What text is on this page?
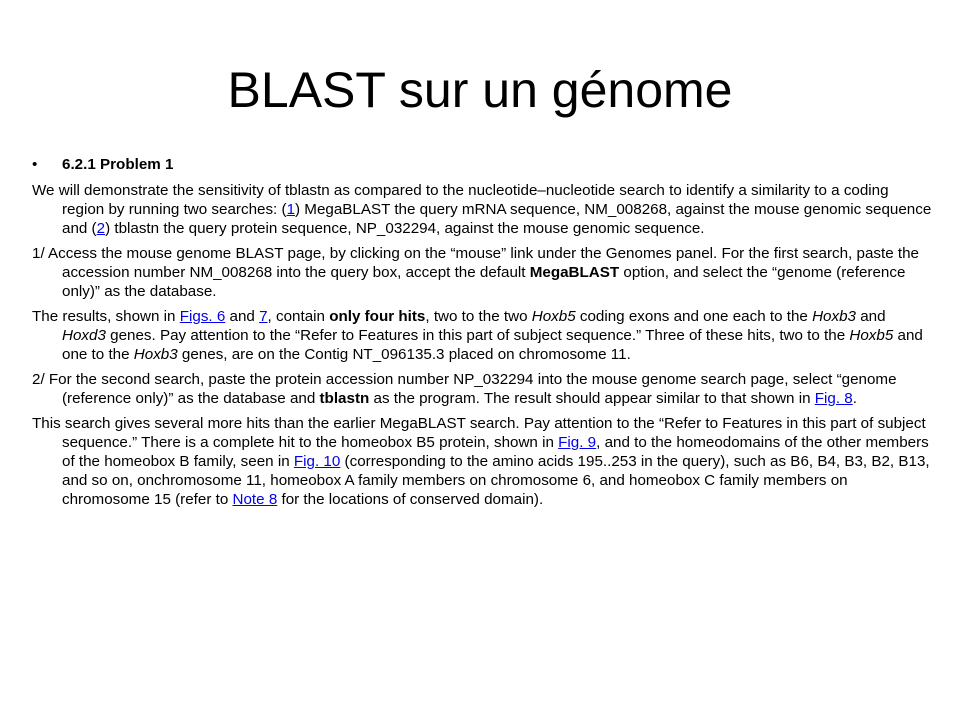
BLAST sur un génome
• 6.2.1 Problem 1

We will demonstrate the sensitivity of tblastn as compared to the nucleotide–nucleotide search to identify a similarity to a coding region by running two searches: (1) MegaBLAST the query mRNA sequence, NM_008268, against the mouse genomic sequence and (2) tblastn the query protein sequence, NP_032294, against the mouse genomic sequence.

1/ Access the mouse genome BLAST page, by clicking on the “mouse” link under the Genomes panel. For the first search, paste the accession number NM_008268 into the query box, accept the default MegaBLAST option, and select the “genome (reference only)” as the database.

The results, shown in Figs. 6 and 7, contain only four hits, two to the two Hoxb5 coding exons and one each to the Hoxb3 and Hoxd3 genes. Pay attention to the “Refer to Features in this part of subject sequence.” Three of these hits, two to the Hoxb5 and one to the Hoxb3 genes, are on the Contig NT_096135.3 placed on chromosome 11.

2/ For the second search, paste the protein accession number NP_032294 into the mouse genome search page, select “genome (reference only)” as the database and tblastn as the program. The result should appear similar to that shown in Fig. 8.

This search gives several more hits than the earlier MegaBLAST search. Pay attention to the “Refer to Features in this part of subject sequence.” There is a complete hit to the homeobox B5 protein, shown in Fig. 9, and to the homeodomains of the other members of the homeobox B family, seen in Fig. 10 (corresponding to the amino acids 195..253 in the query), such as B6, B4, B3, B2, B13, and so on, onchromosome 11, homeobox A family members on chromosome 6, and homeobox C family members on chromosome 15 (refer to Note 8 for the locations of conserved domain).
